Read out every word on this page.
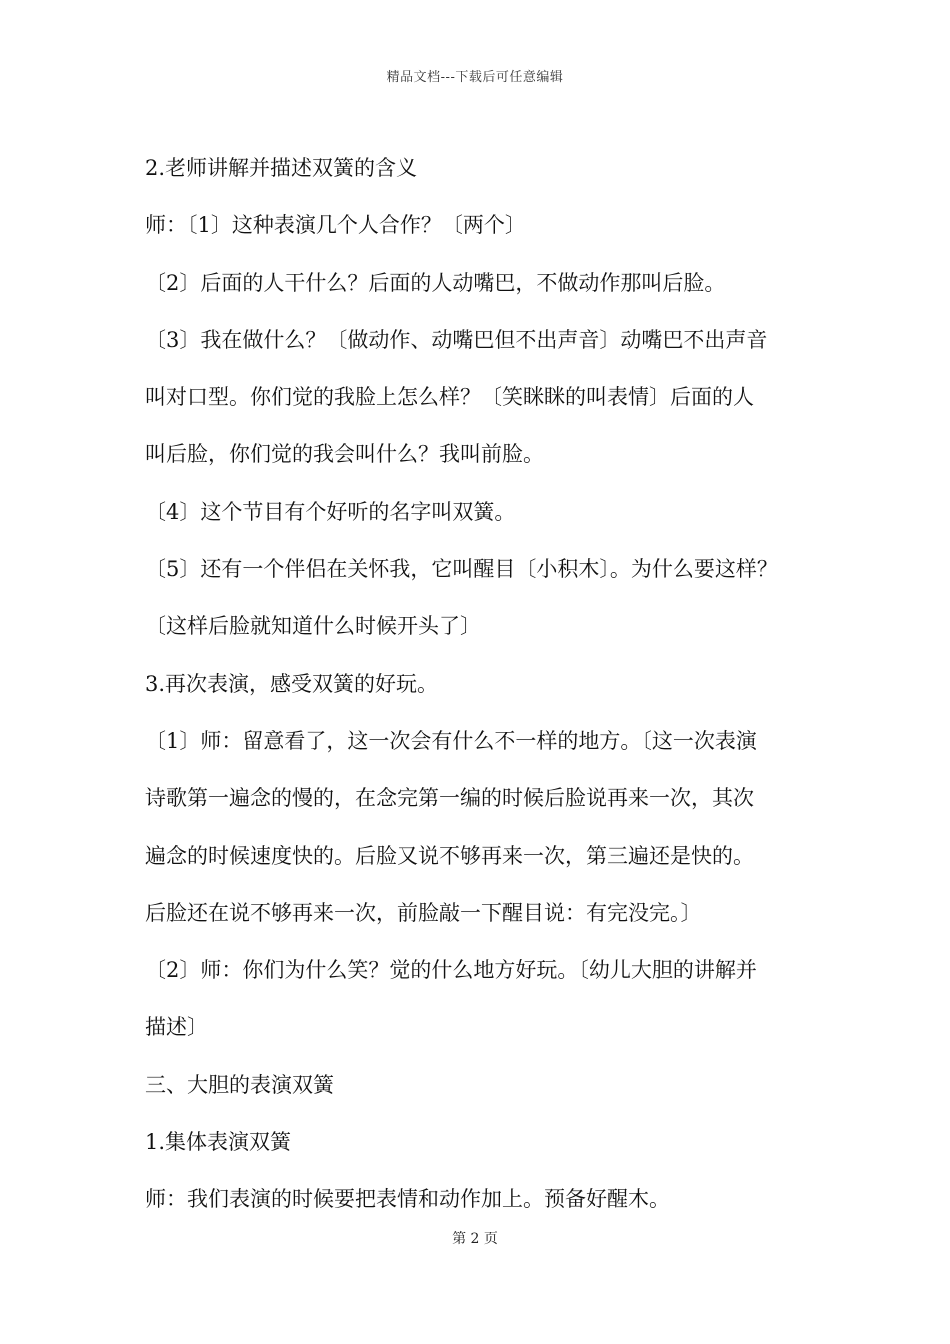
精品文档---下载后可任意编辑
2.老师讲解并描述双簧的含义
师：〔1〕这种表演几个人合作？〔两个〕
〔2〕后面的人干什么？后面的人动嘴巴，不做动作那叫后脸。
〔3〕我在做什么？〔做动作、动嘴巴但不出声音〕动嘴巴不出声音
叫对口型。你们觉的我脸上怎么样？〔笑眯眯的叫表情〕后面的人
叫后脸，你们觉的我会叫什么？我叫前脸。
〔4〕这个节目有个好听的名字叫双簧。
〔5〕还有一个伴侣在关怀我，它叫醒目〔小积木〕。为什么要这样？
〔这样后脸就知道什么时候开头了〕
3.再次表演，感受双簧的好玩。
〔1〕师：留意看了，这一次会有什么不一样的地方。〔这一次表演
诗歌第一遍念的慢的，在念完第一编的时候后脸说再来一次，其次
遍念的时候速度快的。后脸又说不够再来一次，第三遍还是快的。
后脸还在说不够再来一次，前脸敲一下醒目说：有完没完。〕
〔2〕师：你们为什么笑？觉的什么地方好玩。〔幼儿大胆的讲解并
描述〕
三、大胆的表演双簧
1.集体表演双簧
师：我们表演的时候要把表情和动作加上。预备好醒木。
第 2 页
